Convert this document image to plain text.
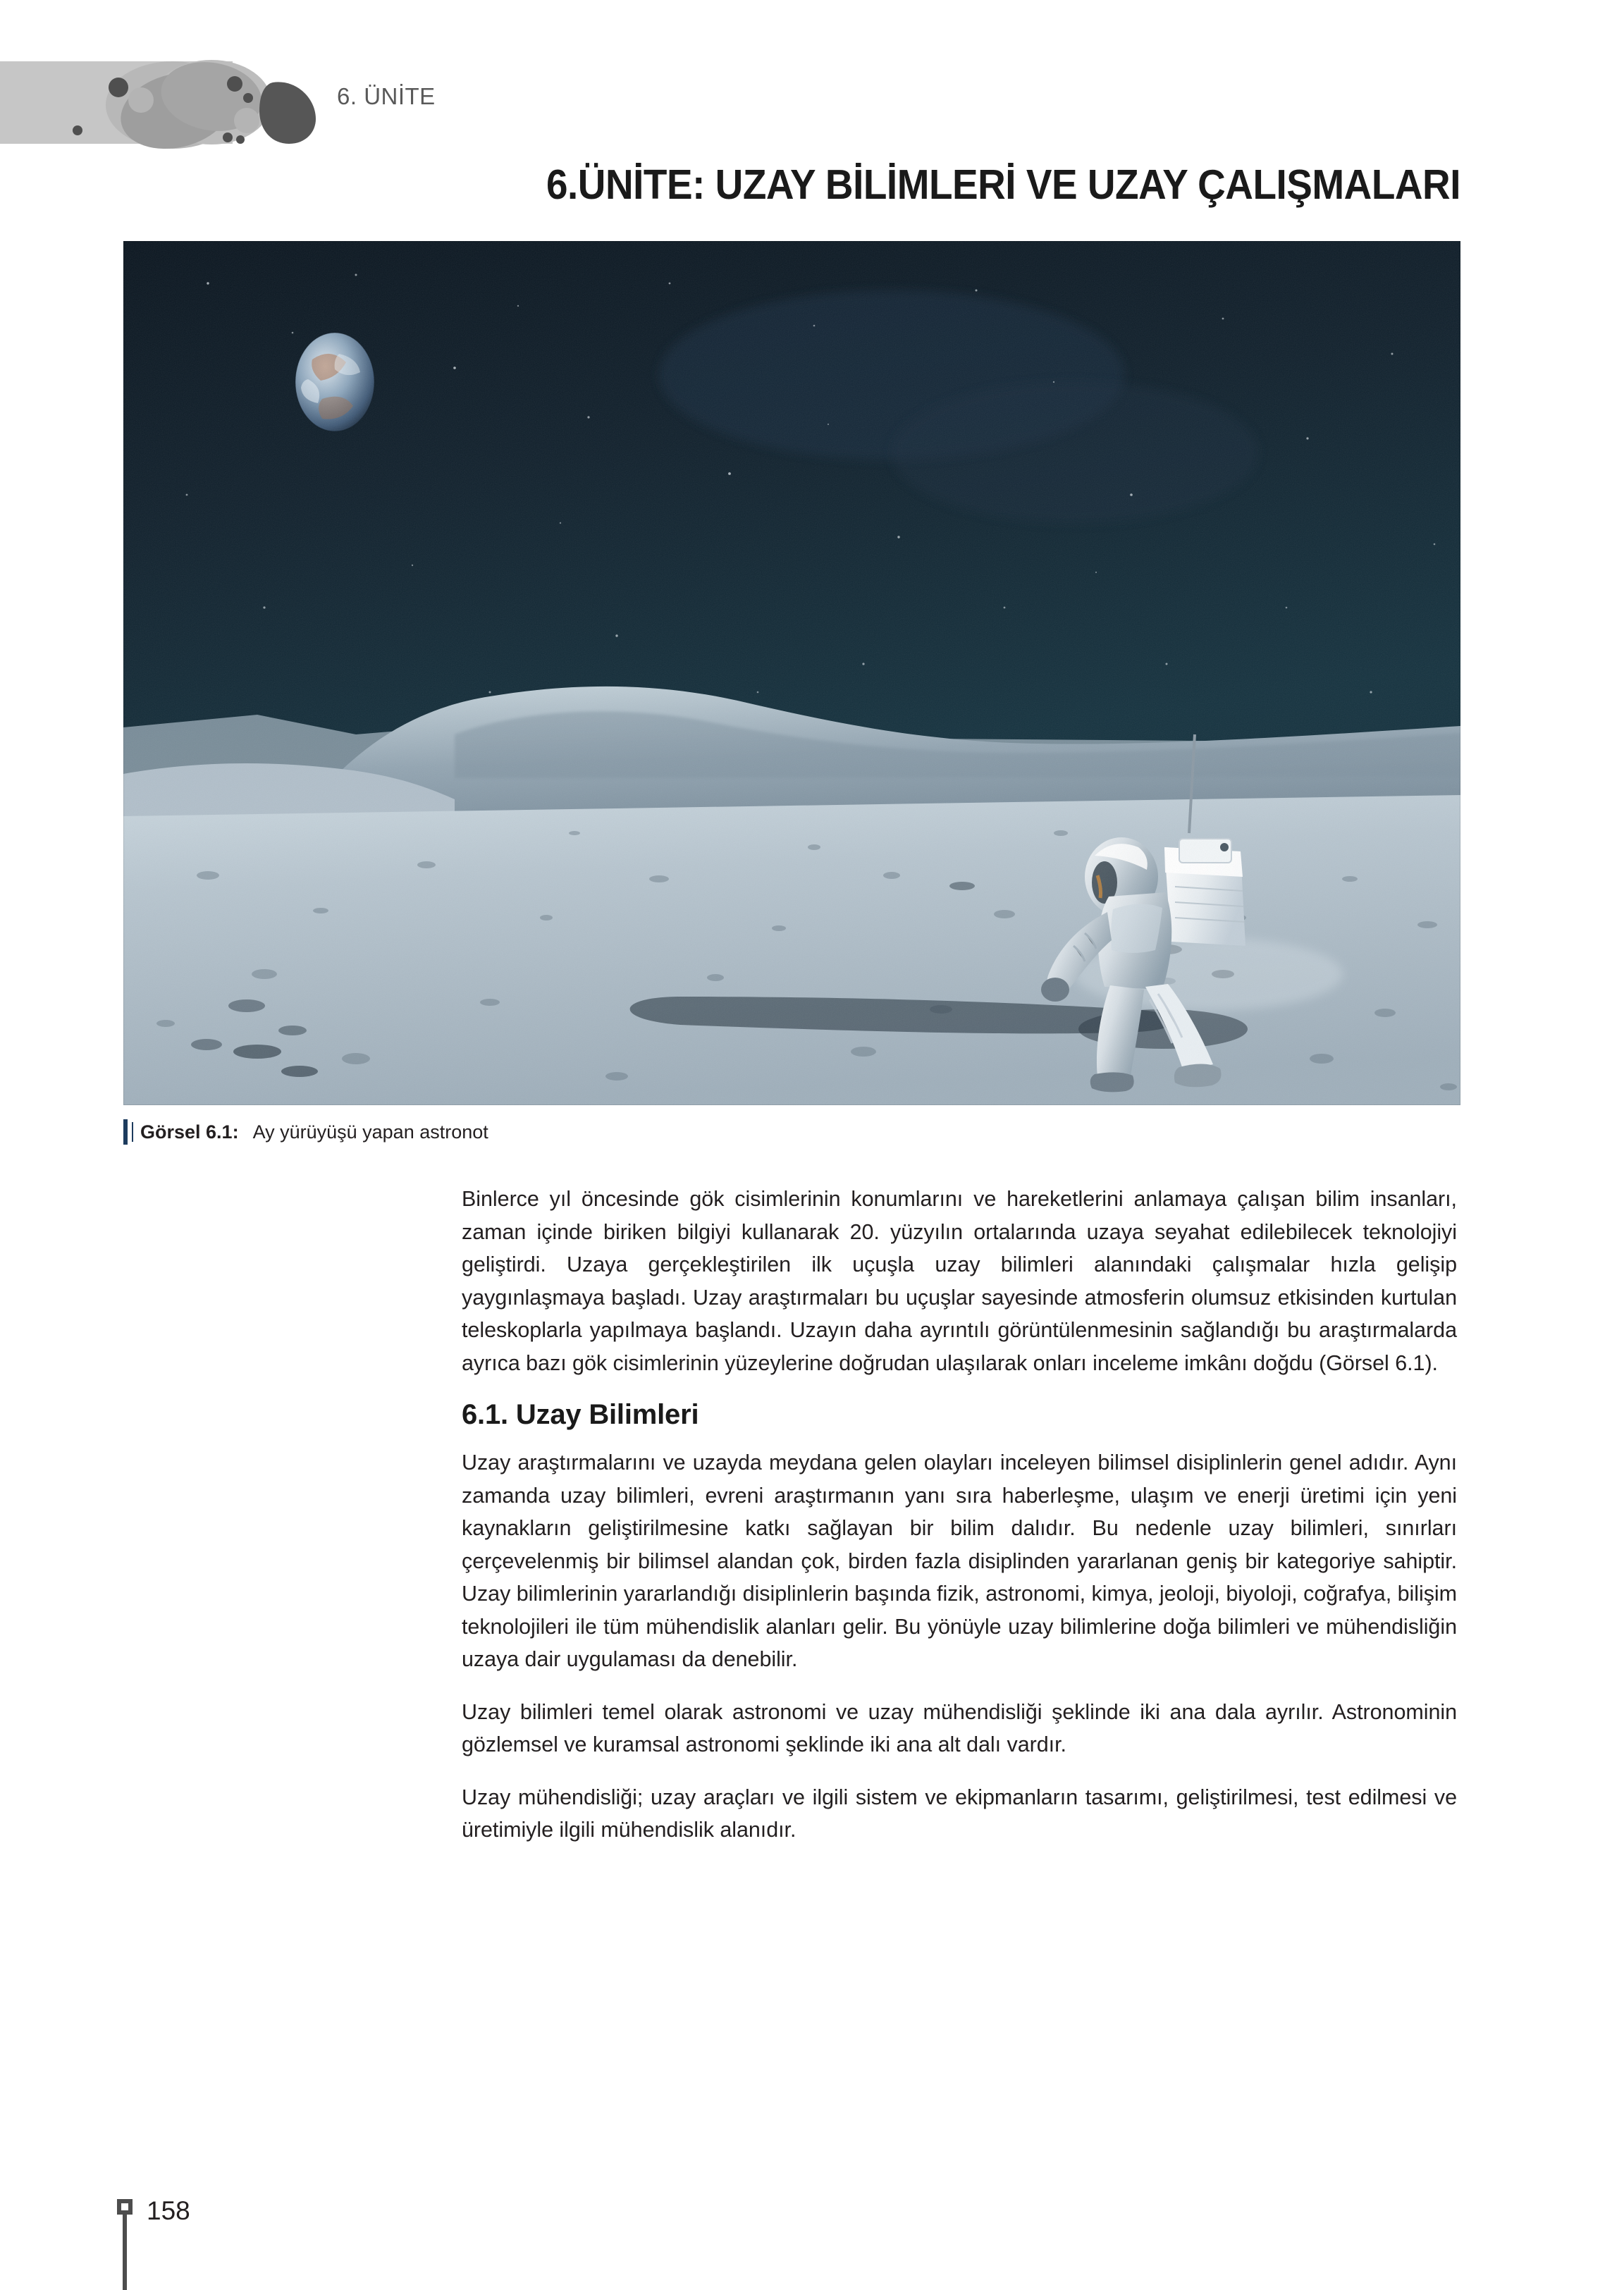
6. ÜNİTE
6.ÜNİTE: UZAY BİLİMLERİ VE UZAY ÇALIŞMALARI
Görsel 6.1: Ay yürüyüşü yapan astronot

Binlerce yıl öncesinde gök cisimlerinin konumlarını ve hareketlerini anlamaya çalışan bilim insanları, zaman içinde biriken bilgiyi kullanarak 20. yüzyılın ortalarında uzaya seyahat edilebilecek teknolojiyi geliştirdi. Uzaya gerçekleştirilen ilk uçuşla uzay bilimleri alanındaki çalışmalar hızla gelişip yaygınlaşmaya başladı. Uzay araştırmaları bu uçuşlar sayesinde atmosferin olumsuz etkisinden kurtulan teleskoplarla yapılmaya başlandı. Uzayın daha ayrıntılı görüntülenmesinin sağlandığı bu araştırmalarda ayrıca bazı gök cisimlerinin yüzeylerine doğrudan ulaşılarak onları inceleme imkânı doğdu (Görsel 6.1).

6.1. Uzay Bilimleri

Uzay araştırmalarını ve uzayda meydana gelen olayları inceleyen bilimsel disiplinlerin genel adıdır. Aynı zamanda uzay bilimleri, evreni araştırmanın yanı sıra haberleşme, ulaşım ve enerji üretimi için yeni kaynakların geliştirilmesine katkı sağlayan bir bilim dalıdır. Bu nedenle uzay bilimleri, sınırları çerçevelenmiş bir bilimsel alandan çok, birden fazla disiplinden yararlanan geniş bir kategoriye sahiptir. Uzay bilimlerinin yararlandığı disiplinlerin başında fizik, astronomi, kimya, jeoloji, biyoloji, coğrafya, bilişim teknolojileri ile tüm mühendislik alanları gelir. Bu yönüyle uzay bilimlerine doğa bilimleri ve mühendisliğin uzaya dair uygulaması da denebilir.

Uzay bilimleri temel olarak astronomi ve uzay mühendisliği şeklinde iki ana dala ayrılır. Astronominin gözlemsel ve kuramsal astronomi şeklinde iki ana alt dalı vardır.

Uzay mühendisliği; uzay araçları ve ilgili sistem ve ekipmanların tasarımı, geliştirilmesi, test edilmesi ve üretimiyle ilgili mühendislik alanıdır.

158
